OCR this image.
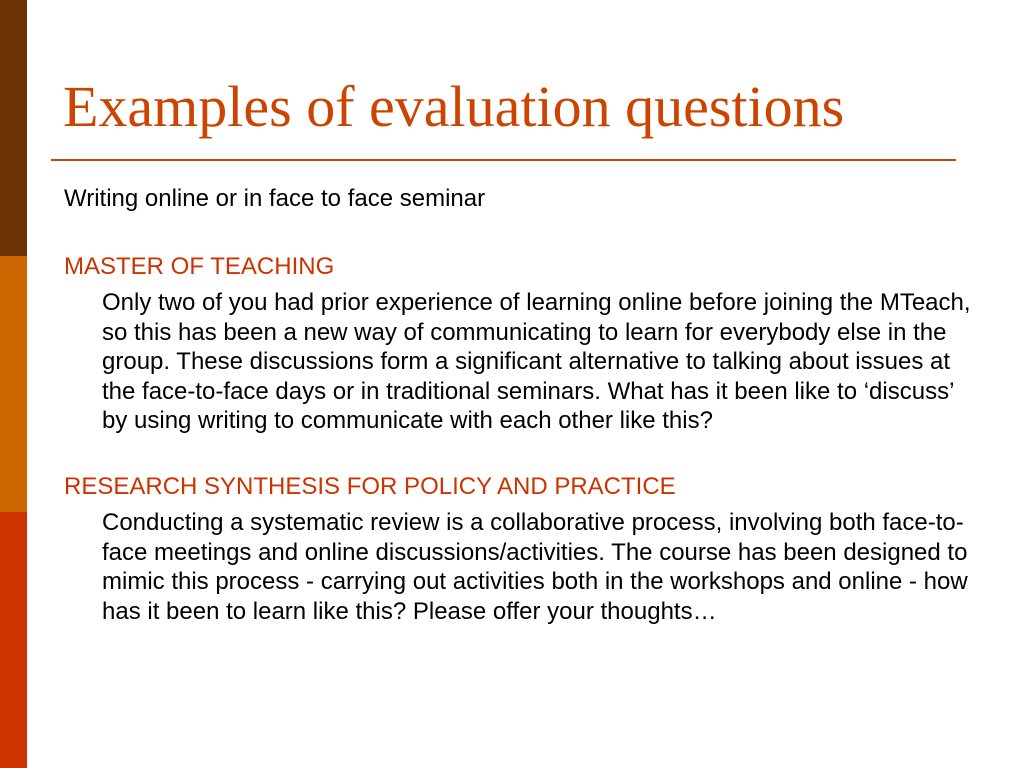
Examples of evaluation questions

Writing online or in face to face seminar

MASTER OF TEACHING

Only two of you had prior experience of learning online before joining the MTeach, so this has been a new way of communicating to learn for everybody else in the group. These discussions form a significant alternative to talking about issues at the face-to-face days or in traditional seminars. What has it been like to ‘discuss’ by using writing to communicate with each other like this?

RESEARCH SYNTHESIS FOR POLICY AND PRACTICE

Conducting a systematic review is a collaborative process, involving both face-to-face meetings and online discussions/activities. The course has been designed to mimic this process - carrying out activities both in the workshops and online - how has it been to learn like this? Please offer your thoughts…
